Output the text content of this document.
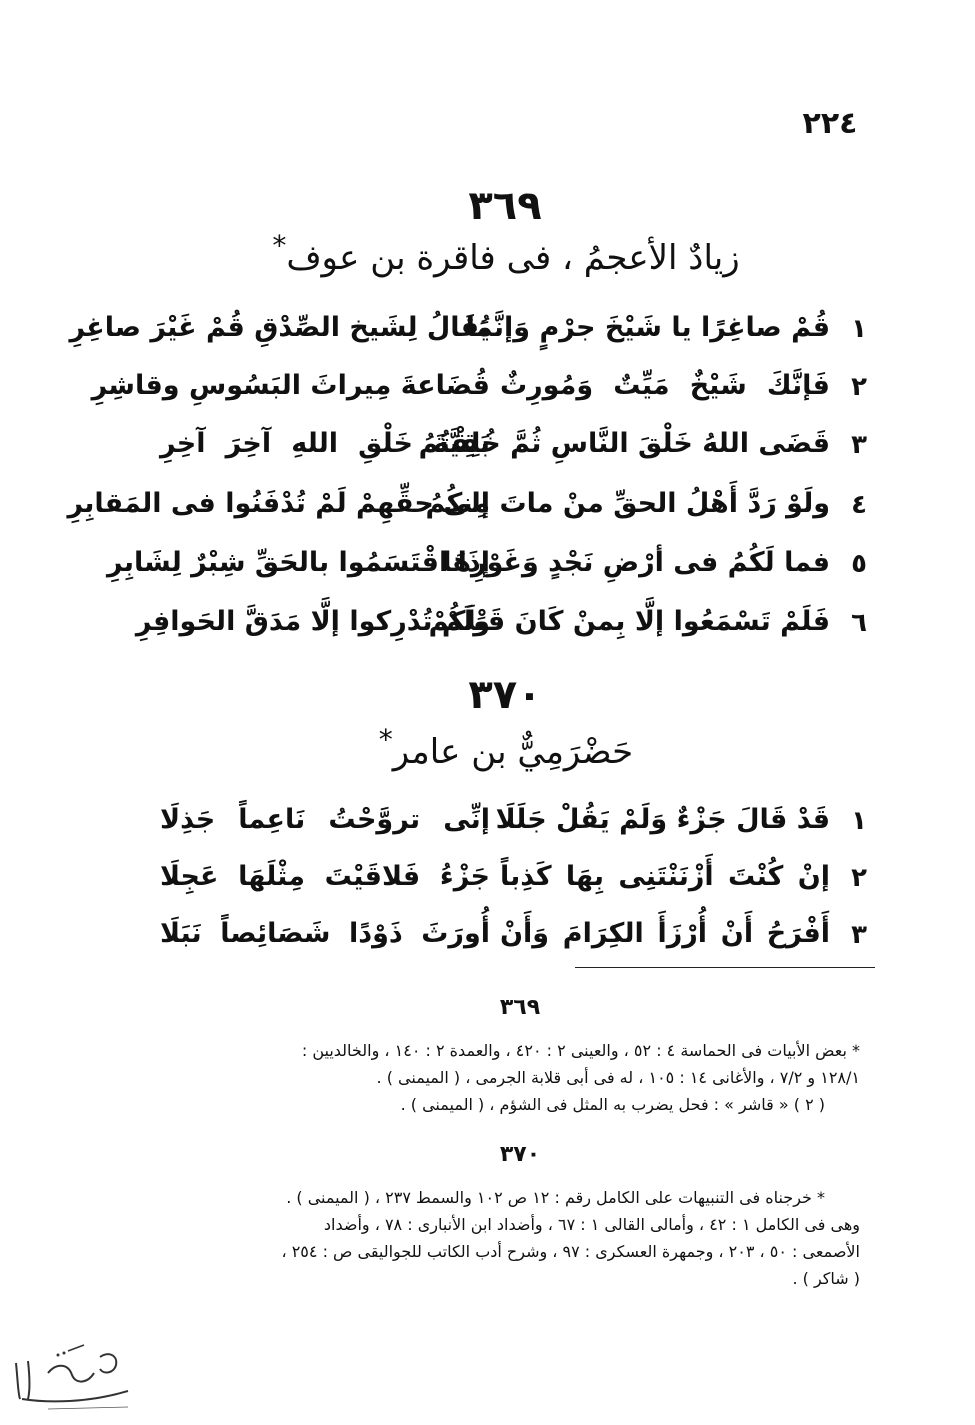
٢٢٤
٣٦٩
زيادٌ الأعجمُ ، فى فاقرة بن عوف*
١
قُمْ صاغِرًا يا شَيْخَ جرْمٍ وَإنَّمَا
يُقَالُ لِشَيخ الصِّدْقِ قُمْ غَيْرَ صاغِرِ
٢
فَإنَّكَ شَيْخٌ مَيِّتٌ وَمُورِثٌ
قُضَاعةَ مِيراثَ البَسُوسِ وقاشِرِ
٣
قَضَى اللهُ خَلْقَ النَّاسِ ثُمَّ خُلِقْتُمُ
بَقِيَّةَ خَلْقِ اللهِ آخِرَ آخِرِ
٤
ولَوْ رَدَّ أَهْلُ الحقِّ منْ ماتَ مِنكُمُ
إلى حقِّهِمْ لَمْ تُدْفَنُوا فى المَقابِرِ
٥
فما لَكُمُ فى أرْضِ نَجْدٍ وَغَوْرِهَا
إذَا اقْتَسَمُوا بالحَقِّ شِبْرٌ لِشَابِرِ
٦
فَلَمْ تَسْمَعُوا إلَّا بِمنْ كَانَ قَبْلَكُمْ
وَلَمْ تُدْرِكوا إلَّا مَدَقَّ الحَوافِرِ
٣٧٠
حَضْرَمِيٌّ بن عامر*
١
قَدْ قَالَ جَزْءٌ وَلَمْ يَقُلْ جَلَلَا
إنِّى تروَّحْتُ نَاعِماً جَذِلَا
٢
إنْ كُنْتَ أَزْنَنْتَنِى بِهَا كَذِباً
جَزْءُ فَلاقَيْتَ مِثْلَهَا عَجِلَا
٣
أَفْرَحُ أَنْ أُرْزَأَ الكِرَامَ وَأَنْ
أُورَثَ ذَوْدًا شَصَائِصاً نَبَلَا
٣٦٩
* بعض الأبيات فى الحماسة ٤ : ٥٢ ، والعينى ٢ : ٤٢٠ ، والعمدة ٢ : ١٤٠ ، والخالديين :
١٢٨/١ و ٧/٢ ، والأغانى ١٤ : ١٠٥ ، له فى أبى قلابة الجرمى ، ( الميمنى ) .
( ٢ ) « قاشر » : فحل يضرب به المثل فى الشؤم ، ( الميمنى ) .
٣٧٠
* خرجناه فى التنبيهات على الكامل رقم : ١٢ ص ١٠٢ والسمط ٢٣٧ ، ( الميمنى ) .
وهى فى الكامل ١ : ٤٢ ، وأمالى القالى ١ : ٦٧ ، وأضداد ابن الأنبارى : ٧٨ ، وأضداد
الأصمعى : ٥٠ ، ٢٠٣ ، وجمهرة العسكرى : ٩٧ ، وشرح أدب الكاتب للجواليقى ص : ٢٥٤ ،
( شاكر ) .
